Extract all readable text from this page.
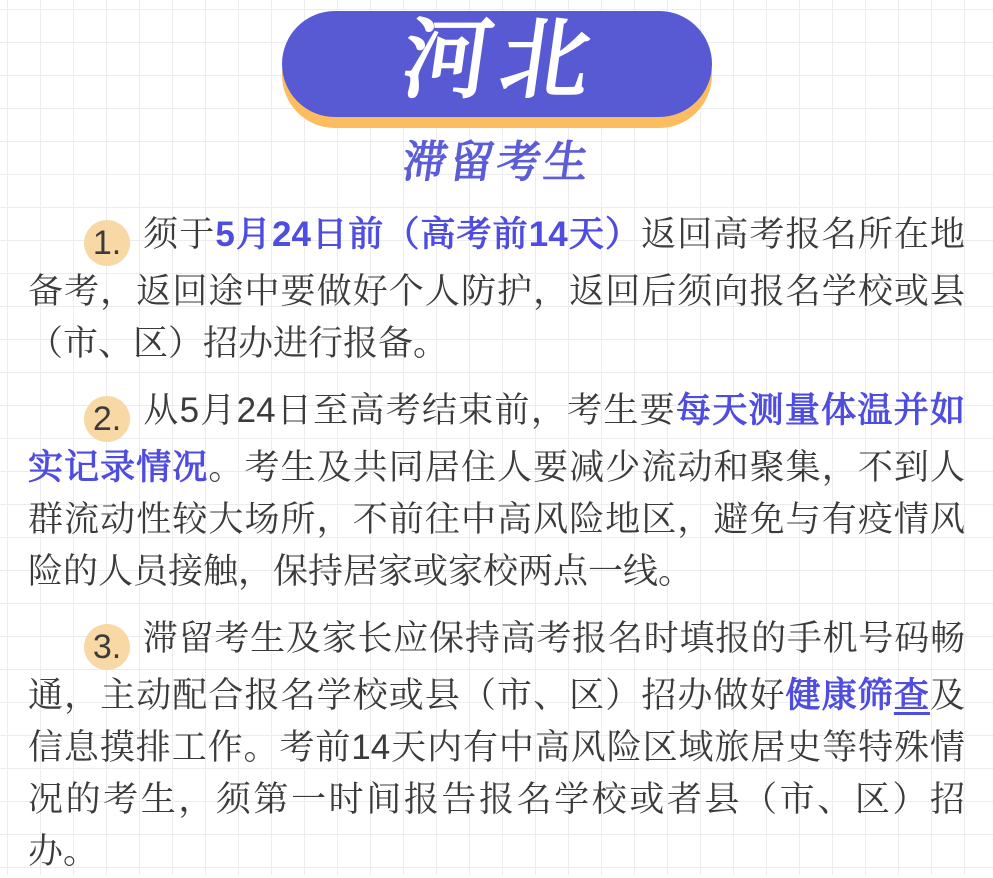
河北
滞留考生

1. 须于5月24日前（高考前14天）返回高考报名所在地备考，返回途中要做好个人防护，返回后须向报名学校或县（市、区）招办进行报备。

2. 从5月24日至高考结束前，考生要每天测量体温并如实记录情况。考生及共同居住人要减少流动和聚集，不到人群流动性较大场所，不前往中高风险地区，避免与有疫情风险的人员接触，保持居家或家校两点一线。

3. 滞留考生及家长应保持高考报名时填报的手机号码畅通，主动配合报名学校或县（市、区）招办做好健康筛查及信息摸排工作。考前14天内有中高风险区域旅居史等特殊情况的考生，须第一时间报告报名学校或者县（市、区）招办。
